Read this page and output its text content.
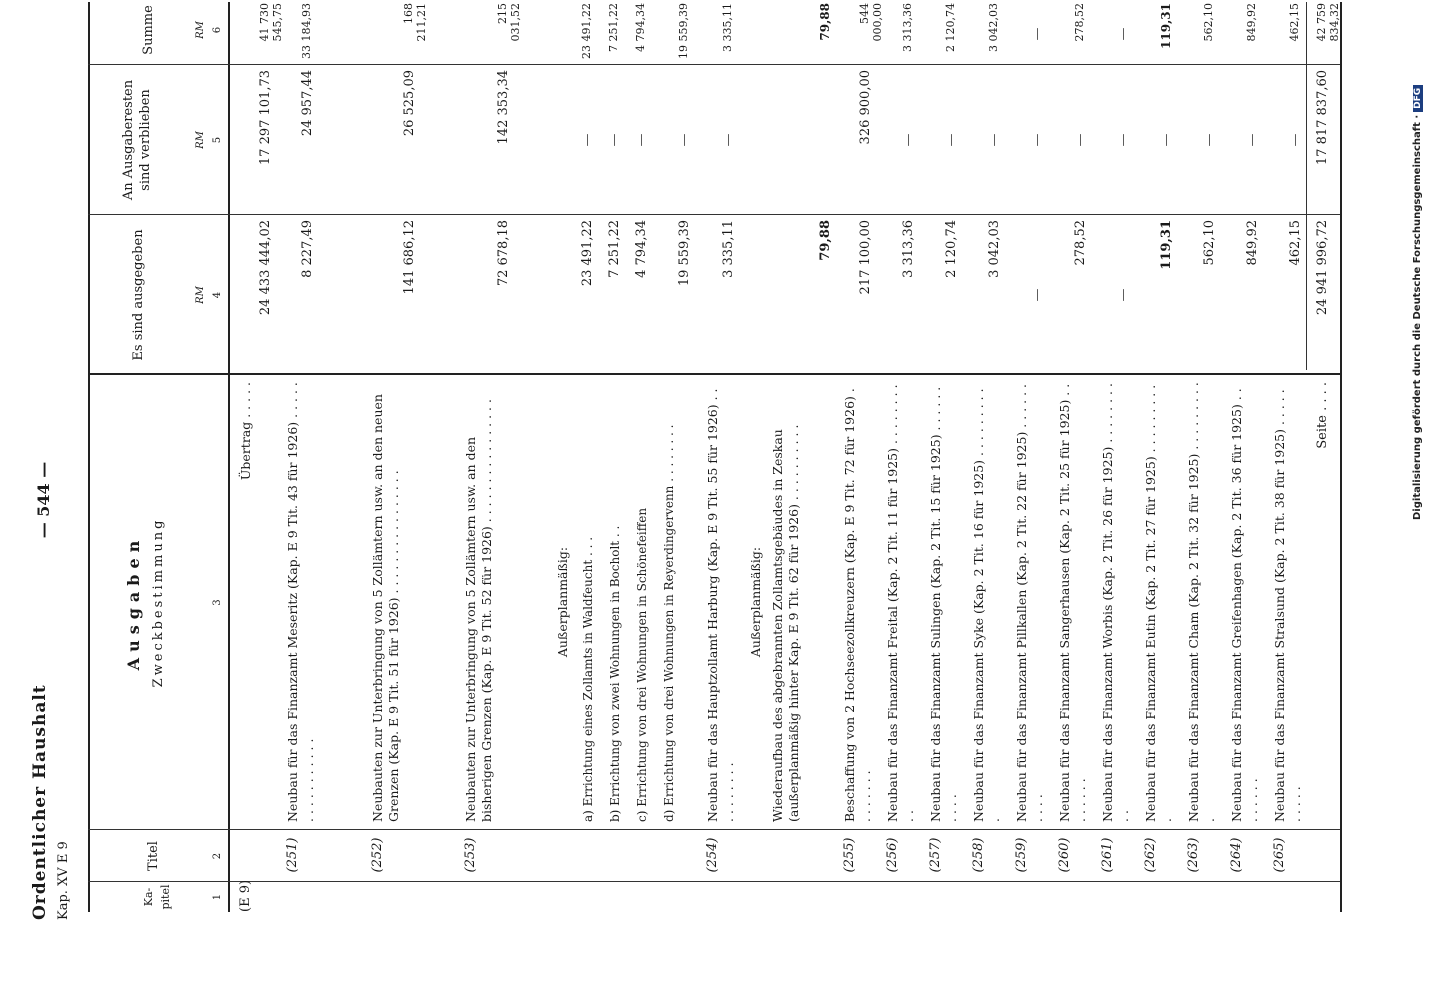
Ordentlicher Haushalt Kap. XV E 9
— 544 —
Ka-pitel
Titel
Ausgaben Zweckbestimmung
Es sind ausgegeben
An Ausgaberesten sind verblieben
Summe
RM
RM
RM
1
2
3
4
5
6
(E 9)
Übertrag . . . . .
24 433 444,02
17 297 101,73
41 730 545,75
(251)
Neubau für das Finanzamt Meseritz (Kap. E 9 Tit. 43 für 1926) . . . . . . . . . . . . . . . .
8 227,49
24 957,44
33 184,93
(252)
Neubauten zur Unterbringung von 5 Zollämtern usw. an den neuen Grenzen (Kap. E 9 Tit. 51 für 1926) . . . . . . . . . . . . . . . .
141 686,12
26 525,09
168 211,21
(253)
Neubauten zur Unterbringung von 5 Zollämtern usw. an den bisherigen Grenzen (Kap. E 9 Tit. 52 für 1926) . . . . . . . . . . . . . . . .
72 678,18
142 353,34
215 031,52
Außerplanmäßig: a) Errichtung eines Zollamts in Waldfeucht . . .
23 491,22
—
23 491,22
b) Errichtung von zwei Wohnungen in Bocholt . .
7 251,22
—
7 251,22
c) Errichtung von drei Wohnungen in Schönefeiffen
4 794,34
—
4 794,34
d) Errichtung von drei Wohnungen in Reyerdingervenn . . . . . . . .
19 559,39
—
19 559,39
(254)
Neubau für das Hauptzollamt Harburg (Kap. E 9 Tit. 55 für 1926) . . . . . . . . . .
3 335,11
—
3 335,11
Außerplanmäßig: Wiederaufbau des abgebrannten Zollamtsgebäudes in Zeskau (außerplanmäßig hinter Kap. E 9 Tit. 62 für 1926) . . . . . . . . . .
79,88
79,88
(255)
Beschaffung von 2 Hochseezollkreuzern (Kap. E 9 Tit. 72 für 1926) . . . . . . . .
217 100,00
326 900,00
544 000,00
(256)
Neubau für das Finanzamt Freital (Kap. 2 Tit. 11 für 1925) . . . . . . . . . .
3 313,36
—
3 313,36
(257)
Neubau für das Finanzamt Sulingen (Kap. 2 Tit. 15 für 1925) . . . . . . . . . .
2 120,74
—
2 120,74
(258)
Neubau für das Finanzamt Syke (Kap. 2 Tit. 16 für 1925) . . . . . . . . . .
3 042,03
—
3 042,03
(259)
Neubau für das Finanzamt Pillkallen (Kap. 2 Tit. 22 für 1925) . . . . . . . . . .
—
—
—
(260)
Neubau für das Finanzamt Sangerhausen (Kap. 2 Tit. 25 für 1925) . . . . . . . .
278,52
—
278,52
(261)
Neubau für das Finanzamt Worbis (Kap. 2 Tit. 26 für 1925) . . . . . . . . . .
—
—
—
(262)
Neubau für das Finanzamt Eutin (Kap. 2 Tit. 27 für 1925) . . . . . . . . . .
119,31
—
119,31
(263)
Neubau für das Finanzamt Cham (Kap. 2 Tit. 32 für 1925) . . . . . . . . . .
562,10
—
562,10
(264)
Neubau für das Finanzamt Greifenhagen (Kap. 2 Tit. 36 für 1925) . . . . . . . .
849,92
—
849,92
(265)
Neubau für das Finanzamt Stralsund (Kap. 2 Tit. 38 für 1925) . . . . . . . . . .
462,15
—
462,15
Seite . . . .
24 941 996,72
17 817 837,60
42 759 834,32
Digitalisierung gefördert durch die Deutsche Forschungsgemeinschaft ·DFG
